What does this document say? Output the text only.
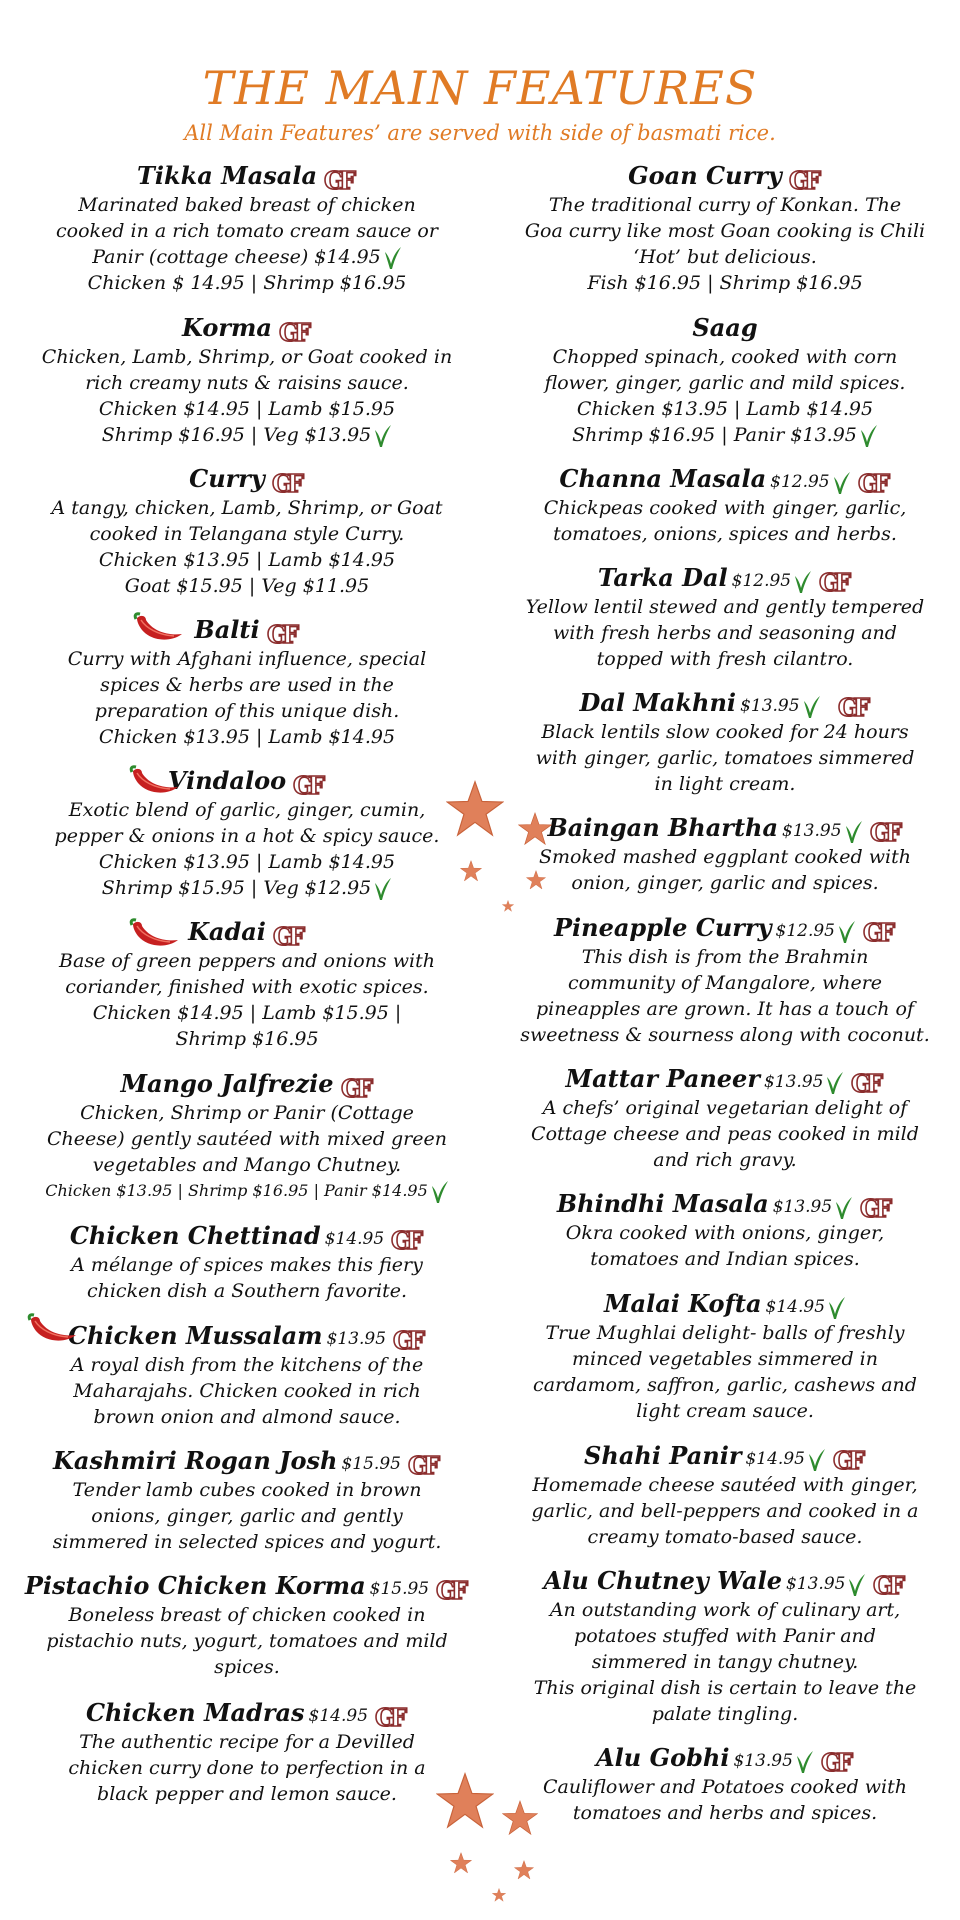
THE MAIN FEATURES
All Main Features’ are served with side of basmati rice.
Tikka Masala
Marinated baked breast of chicken
cooked in a rich tomato cream sauce or
Panir (cottage cheese) $14.95
Chicken $ 14.95 | Shrimp $16.95
Korma
Chicken, Lamb, Shrimp, or Goat cooked in
rich creamy nuts & raisins sauce.
Chicken $14.95 | Lamb $15.95
Shrimp $16.95 | Veg $13.95
Curry
A tangy, chicken, Lamb, Shrimp, or Goat
cooked in Telangana style Curry.
Chicken $13.95 | Lamb $14.95
Goat $15.95 | Veg $11.95
Balti
Curry with Afghani influence, special
spices & herbs are used in the
preparation of this unique dish.
Chicken $13.95 | Lamb $14.95
Vindaloo
Exotic blend of garlic, ginger, cumin,
pepper & onions in a hot & spicy sauce.
Chicken $13.95 | Lamb $14.95
Shrimp $15.95 | Veg $12.95
Kadai
Base of green peppers and onions with
coriander, finished with exotic spices.
Chicken $14.95 | Lamb $15.95 |
Shrimp $16.95
Mango Jalfrezie
Chicken, Shrimp or Panir (Cottage
Cheese) gently sautéed with mixed green
vegetables and Mango Chutney.
Chicken $13.95 | Shrimp $16.95 | Panir $14.95
Chicken Chettinad $14.95
A mélange of spices makes this fiery
chicken dish a Southern favorite.
Chicken Mussalam $13.95
A royal dish from the kitchens of the
Maharajahs. Chicken cooked in rich
brown onion and almond sauce.
Kashmiri Rogan Josh $15.95
Tender lamb cubes cooked in brown
onions, ginger, garlic and gently
simmered in selected spices and yogurt.
Pistachio Chicken Korma $15.95
Boneless breast of chicken cooked in
pistachio nuts, yogurt, tomatoes and mild
spices.
Chicken Madras $14.95
The authentic recipe for a Devilled
chicken curry done to perfection in a
black pepper and lemon sauce.
Goan Curry
The traditional curry of Konkan. The
Goa curry like most Goan cooking is Chili
‘Hot’ but delicious.
Fish $16.95 | Shrimp $16.95
Saag
Chopped spinach, cooked with corn
flower, ginger, garlic and mild spices.
Chicken $13.95 | Lamb $14.95
Shrimp $16.95 | Panir $13.95
Channa Masala $12.95
Chickpeas cooked with ginger, garlic,
tomatoes, onions, spices and herbs.
Tarka Dal $12.95
Yellow lentil stewed and gently tempered
with fresh herbs and seasoning and
topped with fresh cilantro.
Dal Makhni $13.95
Black lentils slow cooked for 24 hours
with ginger, garlic, tomatoes simmered
in light cream.
Baingan Bhartha $13.95
Smoked mashed eggplant cooked with
onion, ginger, garlic and spices.
Pineapple Curry $12.95
This dish is from the Brahmin
community of Mangalore, where
pineapples are grown. It has a touch of
sweetness & sourness along with coconut.
Mattar Paneer $13.95
A chefs’ original vegetarian delight of
Cottage cheese and peas cooked in mild
and rich gravy.
Bhindhi Masala $13.95
Okra cooked with onions, ginger,
tomatoes and Indian spices.
Malai Kofta $14.95
True Mughlai delight- balls of freshly
minced vegetables simmered in
cardamom, saffron, garlic, cashews and
light cream sauce.
Shahi Panir $14.95
Homemade cheese sautéed with ginger,
garlic, and bell-peppers and cooked in a
creamy tomato-based sauce.
Alu Chutney Wale $13.95
An outstanding work of culinary art,
potatoes stuffed with Panir and
simmered in tangy chutney.
This original dish is certain to leave the
palate tingling.
Alu Gobhi $13.95
Cauliflower and Potatoes cooked with
tomatoes and herbs and spices.
